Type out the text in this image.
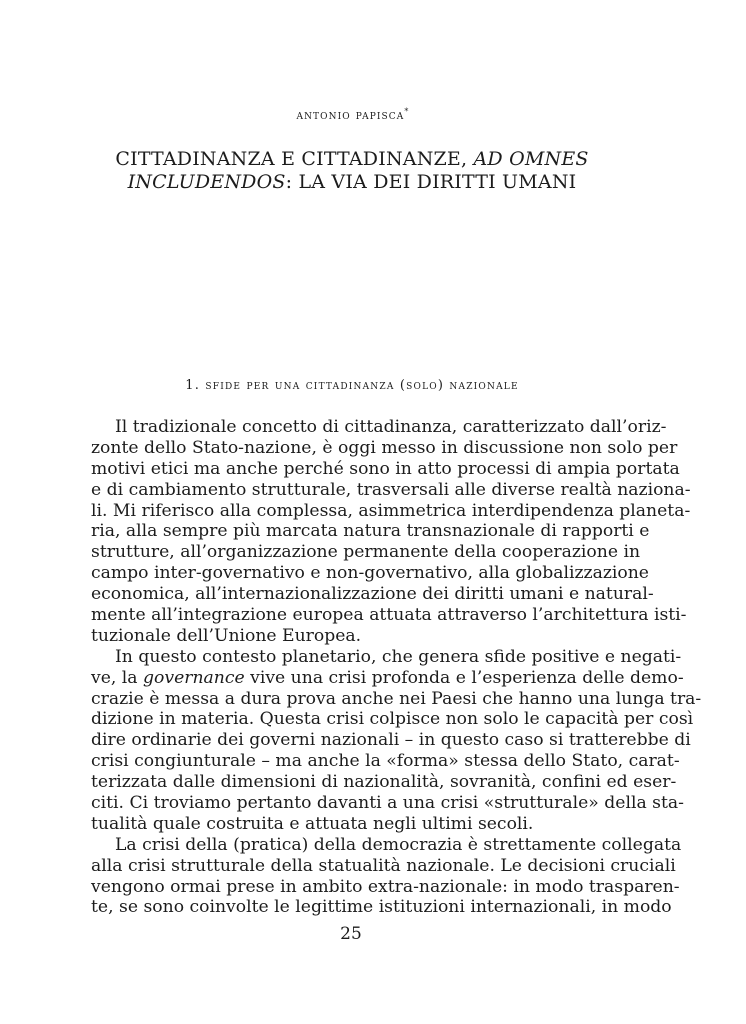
antonio papisca*
CITTADINANZA E CITTADINANZE, AD OMNES
INCLUDENDOS: LA VIA DEI DIRITTI UMANI
1. sfide per una cittadinanza (solo) nazionale
Il tradizionale concetto di cittadinanza, caratterizzato dall’oriz-
zonte dello Stato-nazione, è oggi messo in discussione non solo per
motivi etici ma anche perché sono in atto processi di ampia portata
e di cambiamento strutturale, trasversali alle diverse realtà naziona-
li. Mi riferisco alla complessa, asimmetrica interdipendenza planeta-
ria, alla sempre più marcata natura transnazionale di rapporti e
strutture, all’organizzazione permanente della cooperazione in
campo inter-governativo e non-governativo, alla globalizzazione
economica, all’internazionalizzazione dei diritti umani e natural-
mente all’integrazione europea attuata attraverso l’architettura isti-
tuzionale dell’Unione Europea.
In questo contesto planetario, che genera sfide positive e negati-
ve, la governance vive una crisi profonda e l’esperienza delle demo-
crazie è messa a dura prova anche nei Paesi che hanno una lunga tra-
dizione in materia. Questa crisi colpisce non solo le capacità per così
dire ordinarie dei governi nazionali – in questo caso si tratterebbe di
crisi congiunturale – ma anche la «forma» stessa dello Stato, carat-
terizzata dalle dimensioni di nazionalità, sovranità, confini ed eser-
citi. Ci troviamo pertanto davanti a una crisi «strutturale» della sta-
tualità quale costruita e attuata negli ultimi secoli.
La crisi della (pratica) della democrazia è strettamente collegata
alla crisi strutturale della statualità nazionale. Le decisioni cruciali
vengono ormai prese in ambito extra-nazionale: in modo trasparen-
te, se sono coinvolte le legittime istituzioni internazionali, in modo
25
